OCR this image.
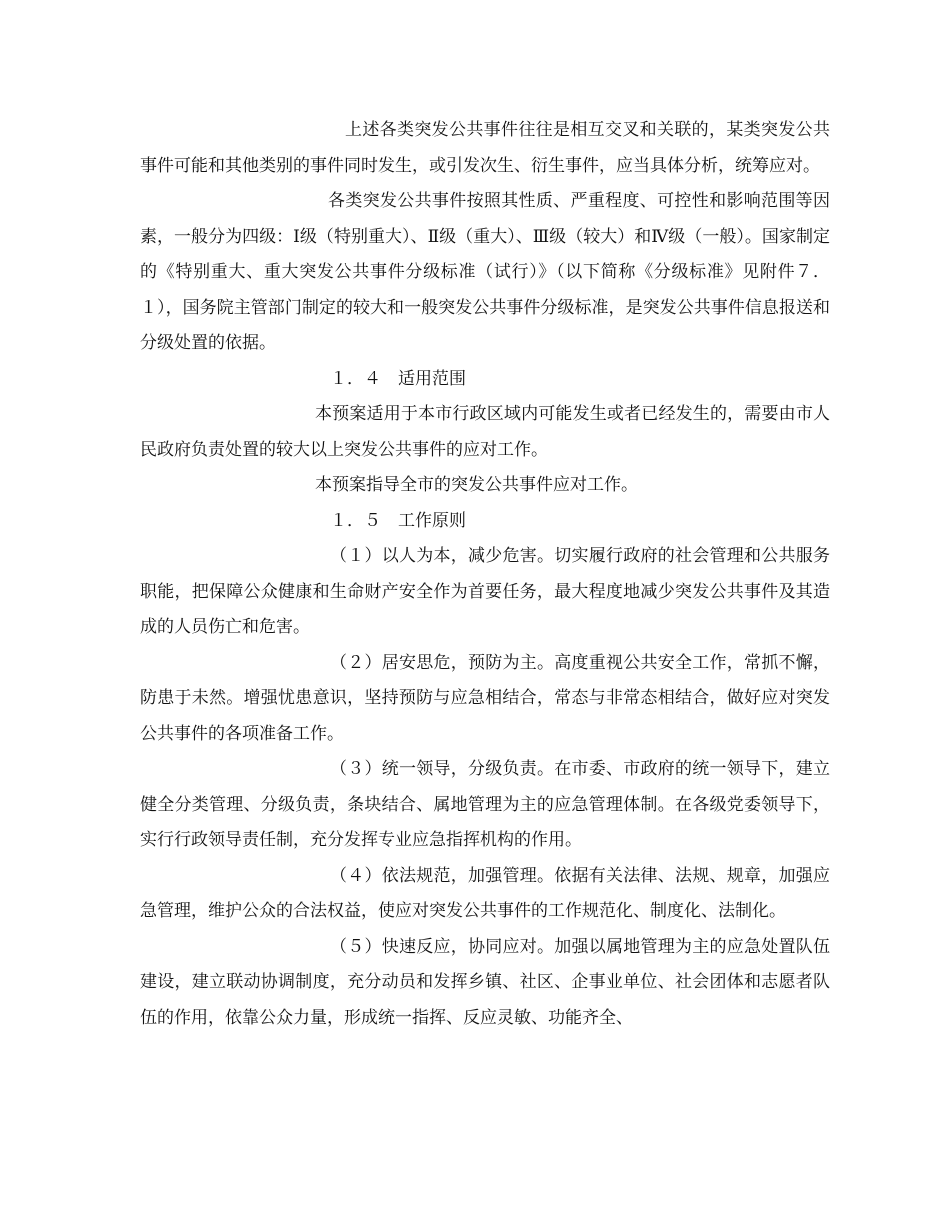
上述各类突发公共事件往往是相互交叉和关联的，某类突发公共事件可能和其他类别的事件同时发生，或引发次生、衍生事件，应当具体分析，统筹应对。

各类突发公共事件按照其性质、严重程度、可控性和影响范围等因素，一般分为四级：Ⅰ级（特别重大）、Ⅱ级（重大）、Ⅲ级（较大）和Ⅳ级（一般）。国家制定的《特别重大、重大突发公共事件分级标准（试行）》（以下简称《分级标准》见附件７．１），国务院主管部门制定的较大和一般突发公共事件分级标准，是突发公共事件信息报送和分级处置的依据。

１．４　适用范围

本预案适用于本市行政区域内可能发生或者已经发生的，需要由市人民政府负责处置的较大以上突发公共事件的应对工作。

本预案指导全市的突发公共事件应对工作。

１．５　工作原则

（１）以人为本，减少危害。切实履行政府的社会管理和公共服务职能，把保障公众健康和生命财产安全作为首要任务，最大程度地减少突发公共事件及其造成的人员伤亡和危害。

（２）居安思危，预防为主。高度重视公共安全工作，常抓不懈，防患于未然。增强忧患意识，坚持预防与应急相结合，常态与非常态相结合，做好应对突发公共事件的各项准备工作。

（３）统一领导，分级负责。在市委、市政府的统一领导下，建立健全分类管理、分级负责，条块结合、属地管理为主的应急管理体制。在各级党委领导下，实行行政领导责任制，充分发挥专业应急指挥机构的作用。

（４）依法规范，加强管理。依据有关法律、法规、规章，加强应急管理，维护公众的合法权益，使应对突发公共事件的工作规范化、制度化、法制化。

（５）快速反应，协同应对。加强以属地管理为主的应急处置队伍建设，建立联动协调制度，充分动员和发挥乡镇、社区、企事业单位、社会团体和志愿者队伍的作用，依靠公众力量，形成统一指挥、反应灵敏、功能齐全、
